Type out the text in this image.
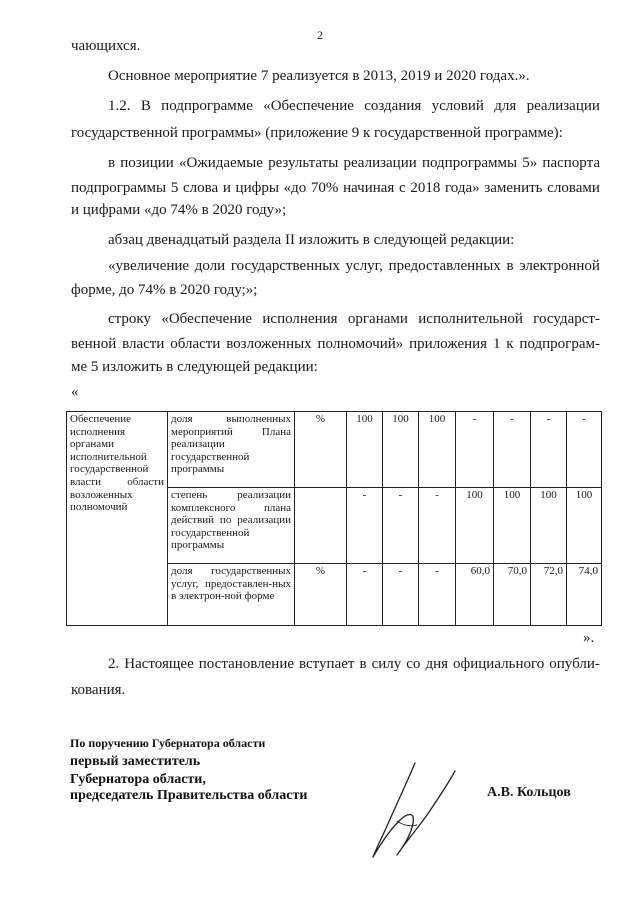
2
чающихся.
Основное мероприятие 7 реализуется в 2013, 2019 и 2020 годах.».
1.2. В подпрограмме «Обеспечение создания условий для реализации
государственной программы» (приложение 9 к государственной программе):
в позиции «Ожидаемые результаты реализации подпрограммы 5» паспорта
подпрограммы 5 слова и цифры «до 70% начиная с 2018 года» заменить словами
и цифрами «до 74% в 2020 году»;
абзац двенадцатый раздела II изложить в следующей редакции:
«увеличение доли государственных услуг, предоставленных в электронной
форме, до 74% в 2020 году;»;
строку «Обеспечение исполнения органами исполнительной государст-
венной власти области возложенных полномочий» приложения 1 к подпрограм-
ме 5 изложить в следующей редакции:
«
Обеспечение исполнения органами исполнительной государственной власти области возложенных полномочий	доля выполненных мероприятий Плана реализации государственной программы	%	100	100	100	-	-	-	-
	степень реализации комплексного плана действий по реализации государственной программы		-	-	-	100	100	100	100
	доля государственных услуг, предоставлен-ных в электрон-ной форме	%	-	-	-	60,0	70,0	72,0	74,0
».
2. Настоящее постановление вступает в силу со дня официального опубли-
кования.
По поручению Губернатора области
первый заместитель
Губернатора области,
председатель Правительства области	А.В. Кольцов
